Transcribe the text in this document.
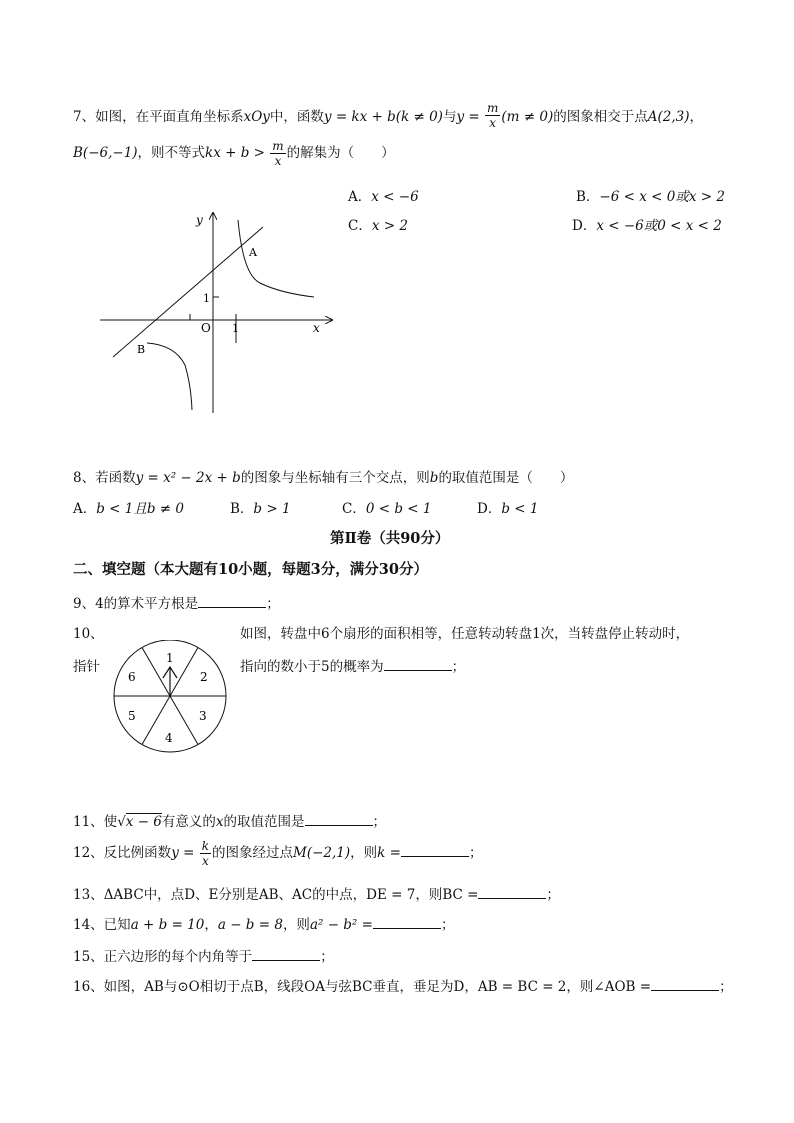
7、如图，在平面直角坐标系xOy中，函数y = kx + b(k ≠ 0)与$y = \frac{m}{x} (m \ne 0)$的图象相交于点A(2,3)，
B(−6,−1)，则不等式kx + $b > \frac{m}{x}$ 的解集为（　　）
A．x < −6	B．−6 < x < 0或x > 2
C．x > 2	D．x < −6或0 < x < 2
y
x
O 1
1
A
B
8、若函数y = x² − 2x + b的图象与坐标轴有三个交点，则b的取值范围是（　　）
A．b < 1且b ≠ 0	B．b > 1	C．0 < b < 1	D．b < 1
第Ⅱ卷（共90分）
二、填空题（本大题有10小题，每题3分，满分30分）
9、4的算术平方根是	；
10、
指针
如图，转盘中6个扇形的面积相等，任意转动转盘1次，当转盘停止转动时，
指向的数小于5的概率为	；
1
2
3
4
5
6
11、使√x − 6有意义的x的取值范围是	；
12、反比例函数$y = \frac{k}{x}$ 的图象经过点M(−2,1)，则k =	；
13、ΔABC中，点D、E分别是AB、AC的中点，DE = 7，则BC =	；
14、已知a + b = 10，a − b = 8，则a² − b² =	；
15、正六边形的每个内角等于	；
16、如图，AB与⊙O相切于点B，线段OA与弦BC垂直，垂足为D，AB = BC = 2，则∠AOB =	；
